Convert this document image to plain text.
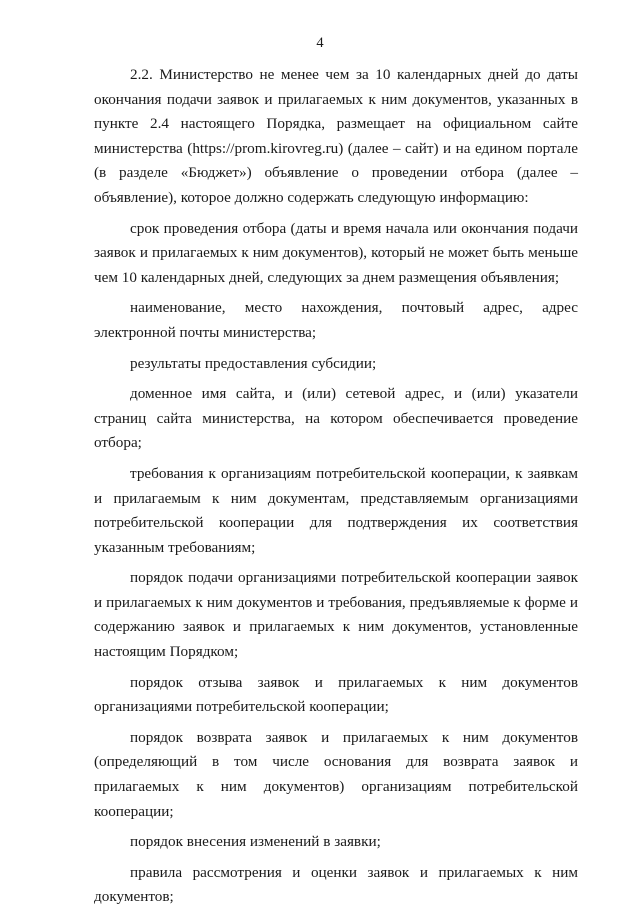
4

2.2. Министерство не менее чем за 10 календарных дней до даты окончания подачи заявок и прилагаемых к ним документов, указанных в пункте 2.4 настоящего Порядка, размещает на официальном сайте министерства (https://prom.kirovreg.ru) (далее – сайт) и на едином портале (в разделе «Бюджет») объявление о проведении отбора (далее – объявление), которое должно содержать следующую информацию:

срок проведения отбора (даты и время начала или окончания подачи заявок и прилагаемых к ним документов), который не может быть меньше чем 10 календарных дней, следующих за днем размещения объявления;

наименование, место нахождения, почтовый адрес, адрес электронной почты министерства;

результаты предоставления субсидии;

доменное имя сайта, и (или) сетевой адрес, и (или) указатели страниц сайта министерства, на котором обеспечивается проведение отбора;

требования к организациям потребительской кооперации, к заявкам и прилагаемым к ним документам, представляемым организациями потребительской кооперации для подтверждения их соответствия указанным требованиям;

порядок подачи организациями потребительской кооперации заявок и прилагаемых к ним документов и требования, предъявляемые к форме и содержанию заявок и прилагаемых к ним документов, установленные настоящим Порядком;

порядок отзыва заявок и прилагаемых к ним документов организациями потребительской кооперации;

порядок возврата заявок и прилагаемых к ним документов (определяющий в том числе основания для возврата заявок и прилагаемых к ним документов) организациям потребительской кооперации;

порядок внесения изменений в заявки;

правила рассмотрения и оценки заявок и прилагаемых к ним документов;
